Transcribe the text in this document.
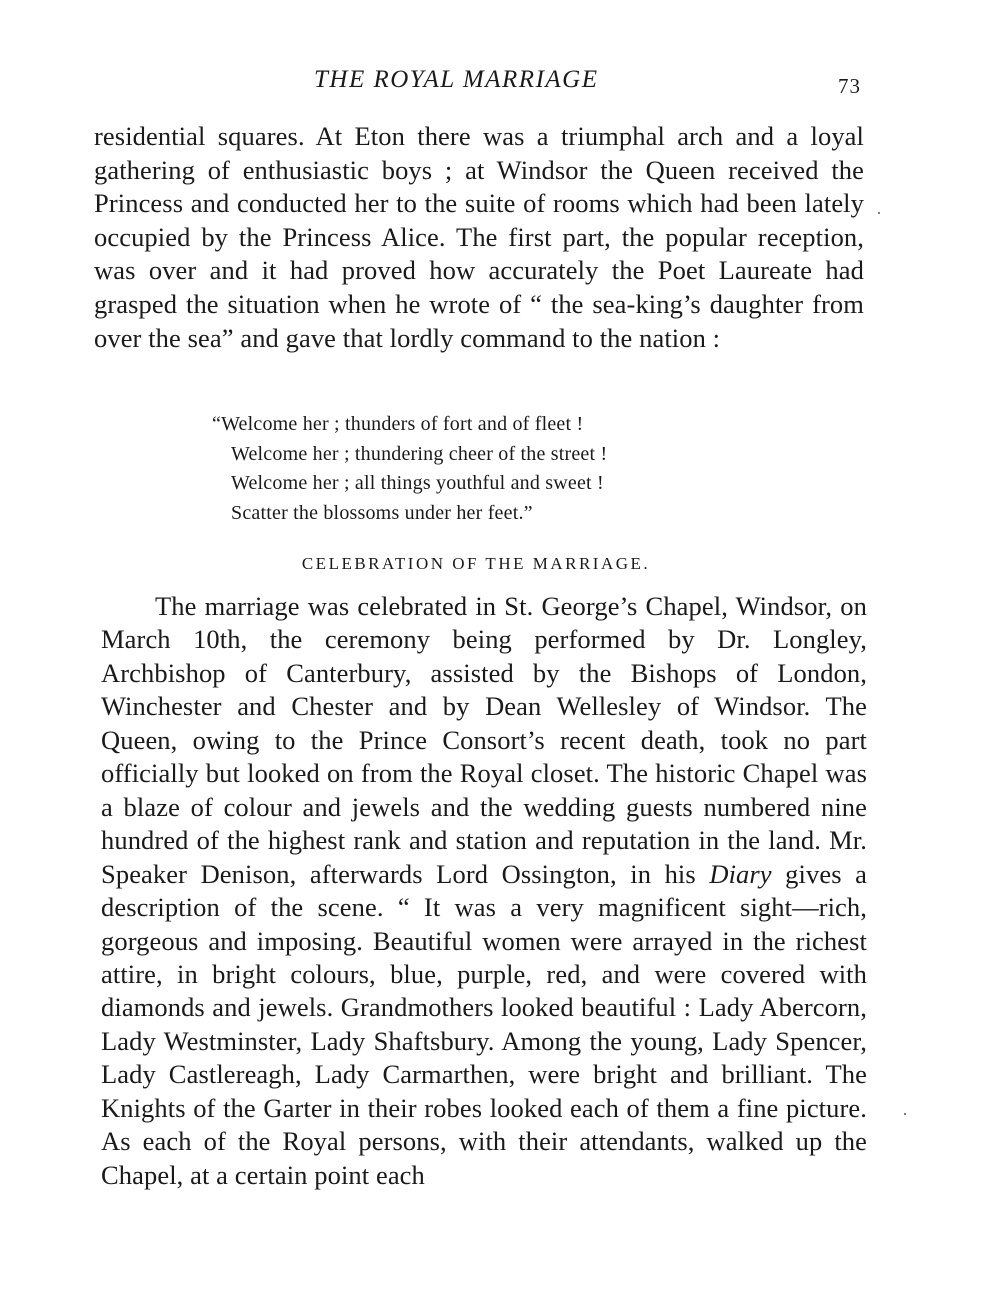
THE ROYAL MARRIAGE	73

residential squares. At Eton there was a triumphal arch and a loyal gathering of enthusiastic boys ; at Windsor the Queen received the Princess and conducted her to the suite of rooms which had been lately occupied by the Princess Alice. The first part, the popular reception, was over and it had proved how accurately the Poet Laureate had grasped the situation when he wrote of “ the sea-king’s daughter from over the sea” and gave that lordly command to the nation :

“Welcome her ; thunders of fort and of fleet !
Welcome her ; thundering cheer of the street !
Welcome her ; all things youthful and sweet !
Scatter the blossoms under her feet.”
CELEBRATION OF THE MARRIAGE.

The marriage was celebrated in St. George’s Chapel, Windsor, on March 10th, the ceremony being performed by Dr. Longley, Archbishop of Canterbury, assisted by the Bishops of London, Winchester and Chester and by Dean Wellesley of Windsor. The Queen, owing to the Prince Consort’s recent death, took no part officially but looked on from the Royal closet. The historic Chapel was a blaze of colour and jewels and the wedding guests numbered nine hundred of the highest rank and station and reputation in the land. Mr. Speaker Denison, afterwards Lord Ossington, in his Diary gives a description of the scene. “ It was a very magnificent sight—rich, gorgeous and imposing. Beautiful women were arrayed in the richest attire, in bright colours, blue, purple, red, and were covered with diamonds and jewels. Grandmothers looked beautiful : Lady Abercorn, Lady Westminster, Lady Shaftsbury. Among the young, Lady Spencer, Lady Castlereagh, Lady Carmarthen, were bright and brilliant. The Knights of the Garter in their robes looked each of them a fine picture. As each of the Royal persons, with their attendants, walked up the Chapel, at a certain point each
